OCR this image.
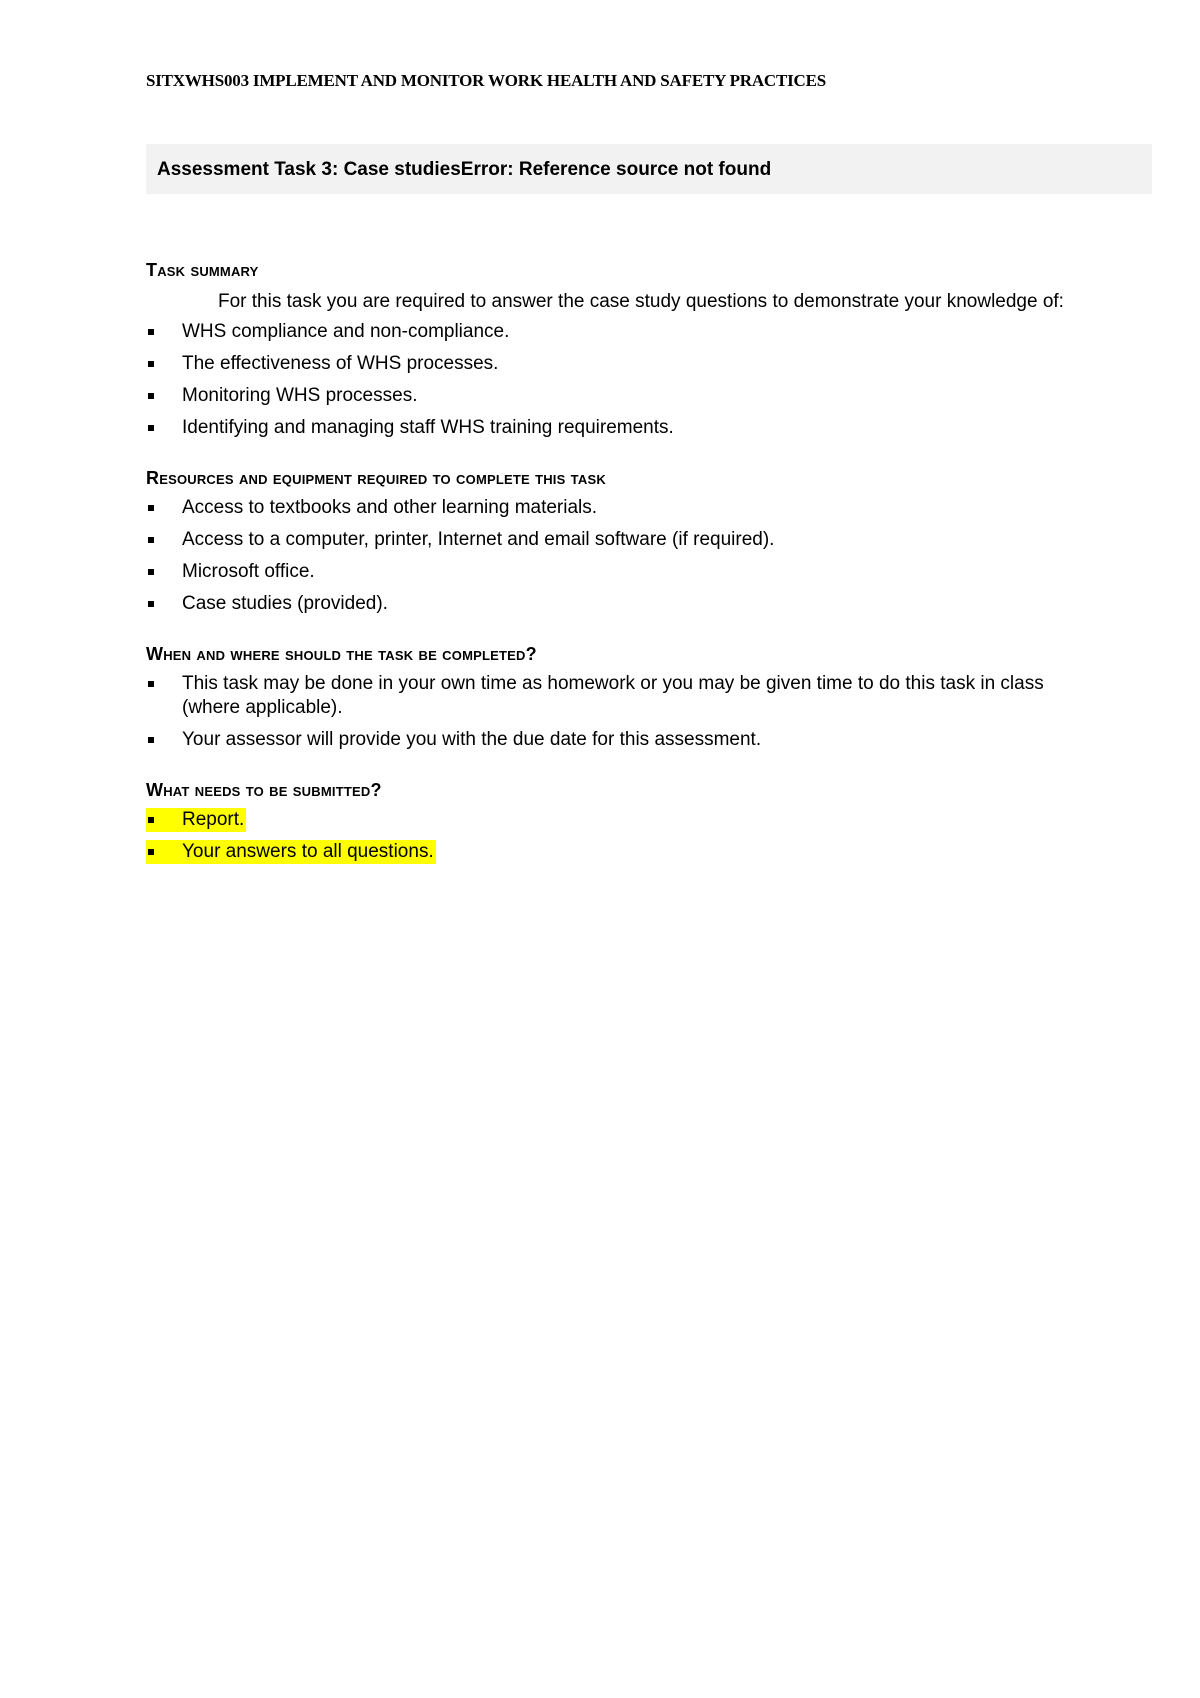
SITXWHS003 IMPLEMENT AND MONITOR WORK HEALTH AND SAFETY PRACTICES
Assessment Task 3: Case studiesError: Reference source not found
Task summary

For this task you are required to answer the case study questions to demonstrate your knowledge of:

WHS compliance and non-compliance.
The effectiveness of WHS processes.
Monitoring WHS processes.
Identifying and managing staff WHS training requirements.
Resources and equipment required to complete this task
Access to textbooks and other learning materials.
Access to a computer, printer, Internet and email software (if required).
Microsoft office.
Case studies (provided).
When and where should the task be completed?
This task may be done in your own time as homework or you may be given time to do this task in class (where applicable).
Your assessor will provide you with the due date for this assessment.
What needs to be submitted?
Report.
Your answers to all questions.
